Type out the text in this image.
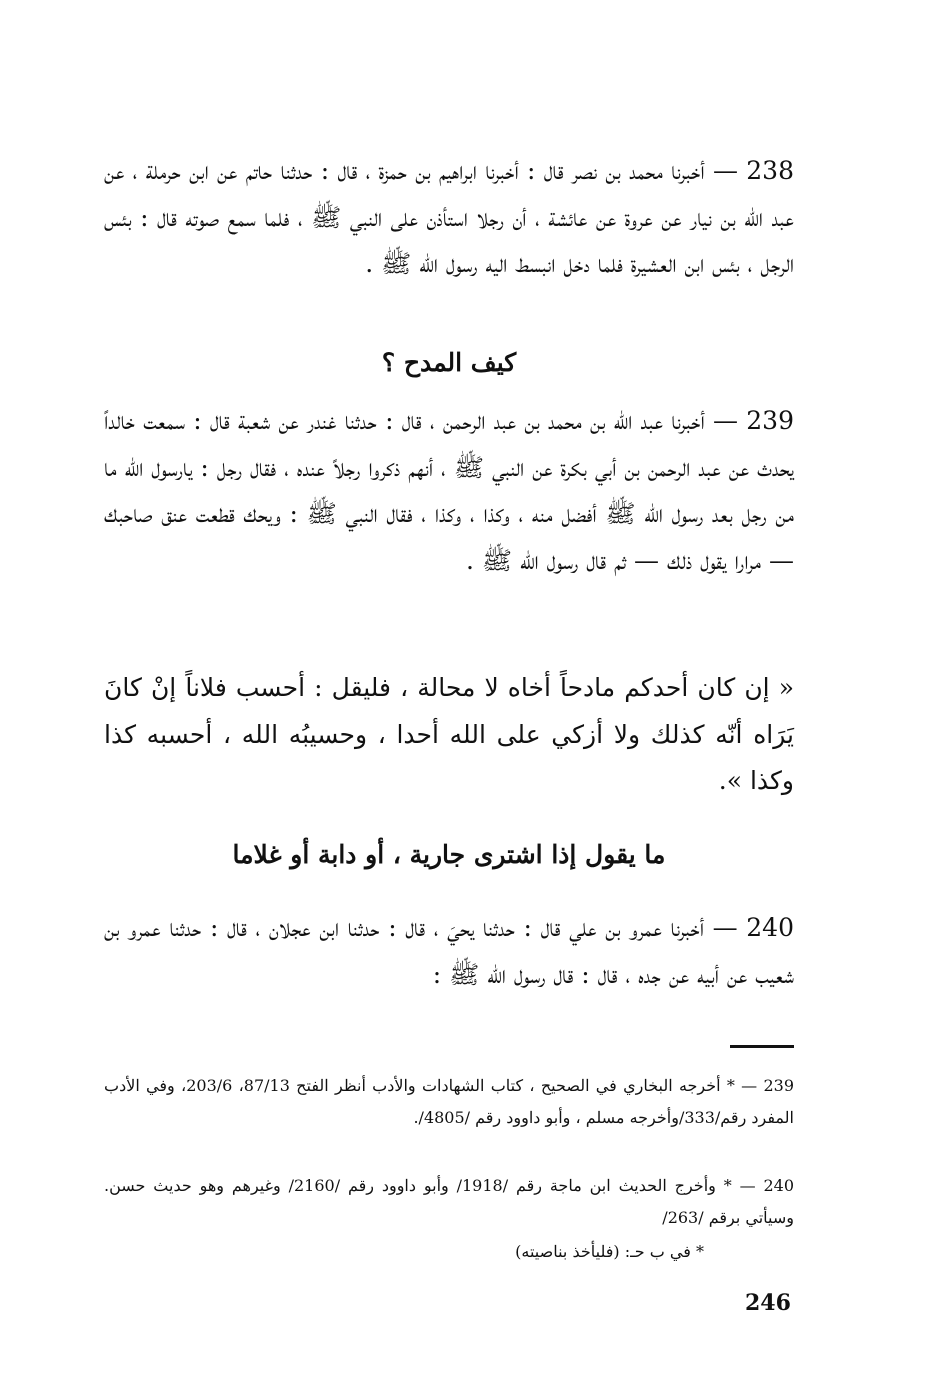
238 — أخبرنا محمد بن نصر قال : أخبرنا ابراهيم بن حمزة ، قال : حدثنا حاتم عن ابن حرملة ، عن عبد الله بن نيار عن عروة عن عائشة ، أن رجلا استأذن على النبي ﷺ ، فلما سمع صوته قال : بئس الرجل ، بئس ابن العشيرة فلما دخل انبسط اليه رسول الله ﷺ .

كيف المدح ؟

239 — أخبرنا عبد الله بن محمد بن عبد الرحمن ، قال : حدثنا غندر عن شعبة قال : سمعت خالداً يحدث عن عبد الرحمن بن أبي بكرة عن النبي ﷺ ، أنهم ذكروا رجلاً عنده ، فقال رجل : يارسول الله ما من رجل بعد رسول الله ﷺ أفضل منه ، وكذا ، وكذا ، فقال النبي ﷺ : ويحك قطعت عنق صاحبك — مرارا يقول ذلك — ثم قال رسول الله ﷺ .

« إن كان أحدكم مادحاً أخاه لا محالة ، فليقل : أحسب فلاناً إنْ كانَ يَرَاه أنّه كذلك ولا أزكي على الله أحدا ، وحسيبُه الله ، أحسبه كذا وكذا ».

ما يقول إذا اشترى جارية ، أو دابة أو غلاما

240 — أخبرنا عمرو بن علي قال : حدثنا يحيَ ، قال : حدثنا ابن عجلان ، قال : حدثنا عمرو بن شعيب عن أبيه عن جده ، قال : قال رسول الله ﷺ :

239 — * أخرجه البخاري في الصحيح ، كتاب الشهادات والأدب أنظر الفتح 87/13، 203/6، وفي الأدب المفرد رقم/333/وأخرجه مسلم ، وأبو داوود رقم /4805/.

240 — * وأخرج الحديث ابن ماجة رقم /1918/ وأبو داوود رقم /2160/ وغيرهم وهو حديث حسن. وسيأتي برقم /263/

* في ب حـ: (فليأخذ بناصيته)

246
